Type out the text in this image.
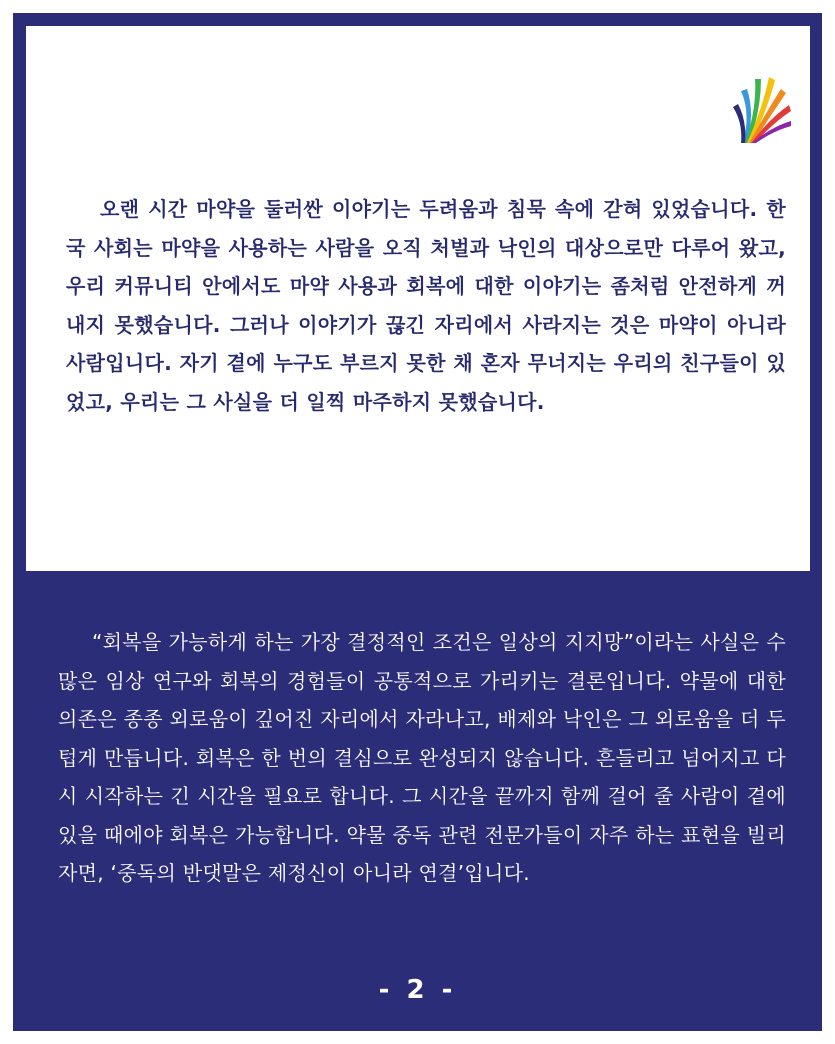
오랜 시간 마약을 둘러싼 이야기는 두려움과 침묵 속에 갇혀 있었습니다. 한국 사회는 마약을 사용하는 사람을 오직 처벌과 낙인의 대상으로만 다루어 왔고, 우리 커뮤니티 안에서도 마약 사용과 회복에 대한 이야기는 좀처럼 안전하게 꺼내지 못했습니다. 그러나 이야기가 끊긴 자리에서 사라지는 것은 마약이 아니라 사람입니다. 자기 곁에 누구도 부르지 못한 채 혼자 무너지는 우리의 친구들이 있었고, 우리는 그 사실을 더 일찍 마주하지 못했습니다.

“회복을 가능하게 하는 가장 결정적인 조건은 일상의 지지망”이라는 사실은 수많은 임상 연구와 회복의 경험들이 공통적으로 가리키는 결론입니다. 약물에 대한 의존은 종종 외로움이 깊어진 자리에서 자라나고, 배제와 낙인은 그 외로움을 더 두텁게 만듭니다. 회복은 한 번의 결심으로 완성되지 않습니다. 흔들리고 넘어지고 다시 시작하는 긴 시간을 필요로 합니다. 그 시간을 끝까지 함께 걸어 줄 사람이 곁에 있을 때에야 회복은 가능합니다. 약물 중독 관련 전문가들이 자주 하는 표현을 빌리자면, ‘중독의 반댓말은 제정신이 아니라 연결’입니다.

- 2 -
